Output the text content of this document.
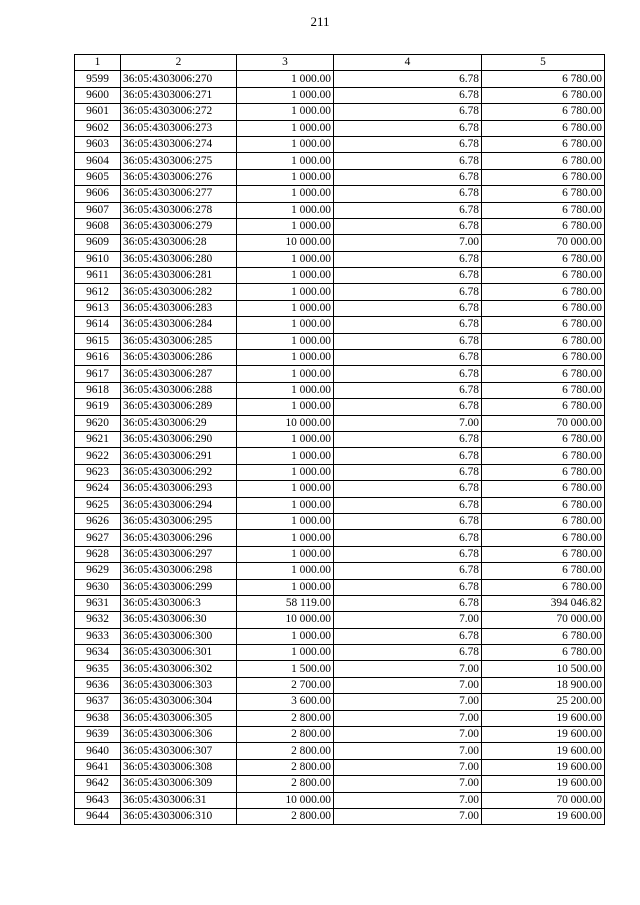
211
1	2	3	4	5
9599	36:05:4303006:270	1 000.00	6.78	6 780.00
9600	36:05:4303006:271	1 000.00	6.78	6 780.00
9601	36:05:4303006:272	1 000.00	6.78	6 780.00
9602	36:05:4303006:273	1 000.00	6.78	6 780.00
9603	36:05:4303006:274	1 000.00	6.78	6 780.00
9604	36:05:4303006:275	1 000.00	6.78	6 780.00
9605	36:05:4303006:276	1 000.00	6.78	6 780.00
9606	36:05:4303006:277	1 000.00	6.78	6 780.00
9607	36:05:4303006:278	1 000.00	6.78	6 780.00
9608	36:05:4303006:279	1 000.00	6.78	6 780.00
9609	36:05:4303006:28	10 000.00	7.00	70 000.00
9610	36:05:4303006:280	1 000.00	6.78	6 780.00
9611	36:05:4303006:281	1 000.00	6.78	6 780.00
9612	36:05:4303006:282	1 000.00	6.78	6 780.00
9613	36:05:4303006:283	1 000.00	6.78	6 780.00
9614	36:05:4303006:284	1 000.00	6.78	6 780.00
9615	36:05:4303006:285	1 000.00	6.78	6 780.00
9616	36:05:4303006:286	1 000.00	6.78	6 780.00
9617	36:05:4303006:287	1 000.00	6.78	6 780.00
9618	36:05:4303006:288	1 000.00	6.78	6 780.00
9619	36:05:4303006:289	1 000.00	6.78	6 780.00
9620	36:05:4303006:29	10 000.00	7.00	70 000.00
9621	36:05:4303006:290	1 000.00	6.78	6 780.00
9622	36:05:4303006:291	1 000.00	6.78	6 780.00
9623	36:05:4303006:292	1 000.00	6.78	6 780.00
9624	36:05:4303006:293	1 000.00	6.78	6 780.00
9625	36:05:4303006:294	1 000.00	6.78	6 780.00
9626	36:05:4303006:295	1 000.00	6.78	6 780.00
9627	36:05:4303006:296	1 000.00	6.78	6 780.00
9628	36:05:4303006:297	1 000.00	6.78	6 780.00
9629	36:05:4303006:298	1 000.00	6.78	6 780.00
9630	36:05:4303006:299	1 000.00	6.78	6 780.00
9631	36:05:4303006:3	58 119.00	6.78	394 046.82
9632	36:05:4303006:30	10 000.00	7.00	70 000.00
9633	36:05:4303006:300	1 000.00	6.78	6 780.00
9634	36:05:4303006:301	1 000.00	6.78	6 780.00
9635	36:05:4303006:302	1 500.00	7.00	10 500.00
9636	36:05:4303006:303	2 700.00	7.00	18 900.00
9637	36:05:4303006:304	3 600.00	7.00	25 200.00
9638	36:05:4303006:305	2 800.00	7.00	19 600.00
9639	36:05:4303006:306	2 800.00	7.00	19 600.00
9640	36:05:4303006:307	2 800.00	7.00	19 600.00
9641	36:05:4303006:308	2 800.00	7.00	19 600.00
9642	36:05:4303006:309	2 800.00	7.00	19 600.00
9643	36:05:4303006:31	10 000.00	7.00	70 000.00
9644	36:05:4303006:310	2 800.00	7.00	19 600.00
